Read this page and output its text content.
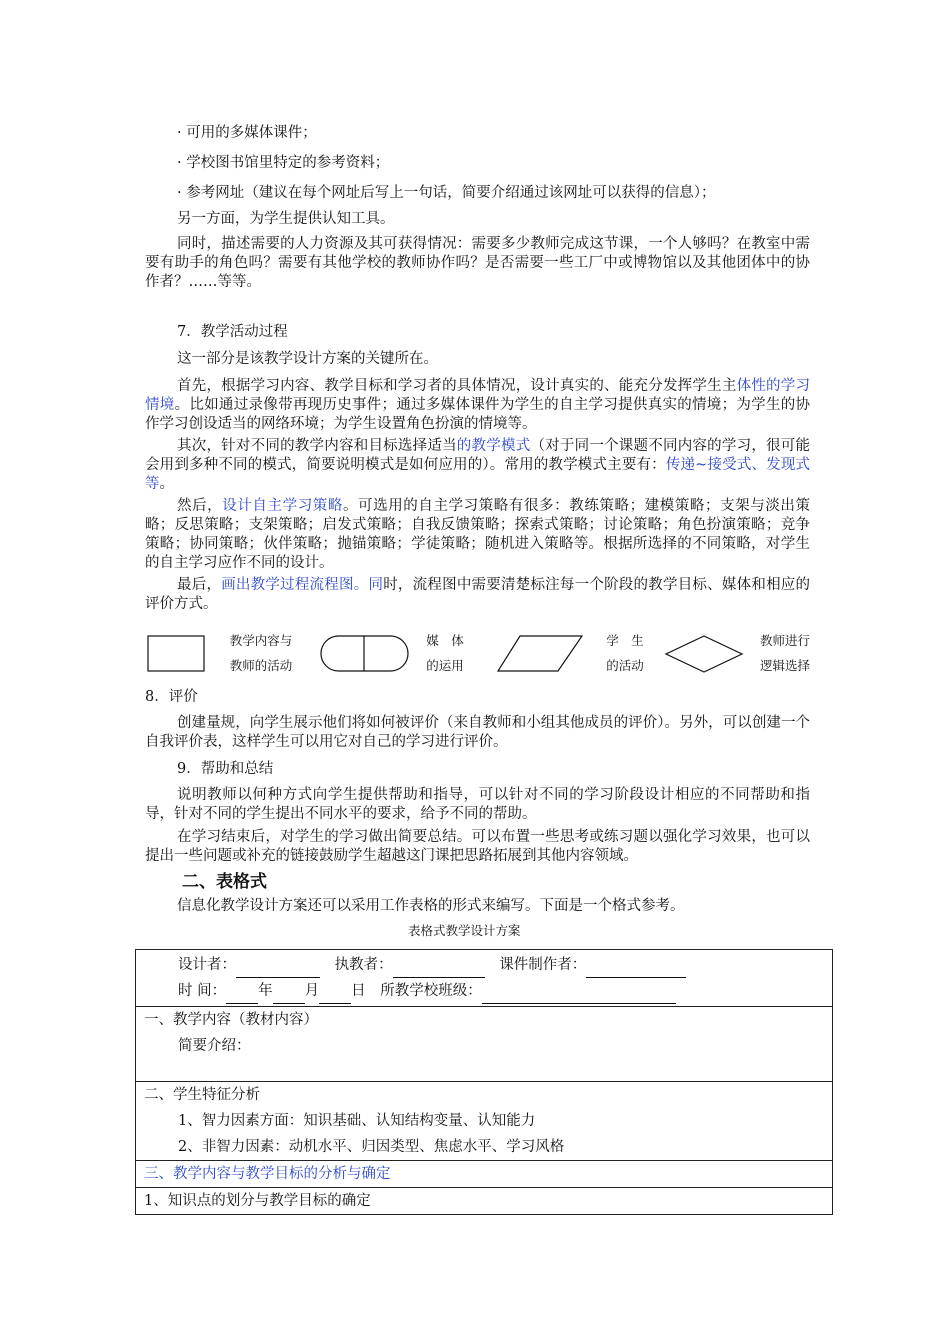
· 可用的多媒体课件；

· 学校图书馆里特定的参考资料；

· 参考网址（建议在每个网址后写上一句话，简要介绍通过该网址可以获得的信息）；

另一方面，为学生提供认知工具。

同时，描述需要的人力资源及其可获得情况：需要多少教师完成这节课，一个人够吗？在教室中需要有助手的角色吗？需要有其他学校的教师协作吗？是否需要一些工厂中或博物馆以及其他团体中的协作者？……等等。

7．教学活动过程

这一部分是该教学设计方案的关键所在。

首先，根据学习内容、教学目标和学习者的具体情况，设计真实的、能充分发挥学生主体性的学习情境。比如通过录像带再现历史事件；通过多媒体课件为学生的自主学习提供真实的情境；为学生的协作学习创设适当的网络环境；为学生设置角色扮演的情境等。

其次，针对不同的教学内容和目标选择适当的教学模式（对于同一个课题不同内容的学习，很可能会用到多种不同的模式，简要说明模式是如何应用的）。常用的教学模式主要有：传递~接受式、发现式等。

然后，设计自主学习策略。可选用的自主学习策略有很多：教练策略；建模策略；支架与淡出策略；反思策略；支架策略；启发式策略；自我反馈策略；探索式策略；讨论策略；角色扮演策略；竞争策略；协同策略；伙伴策略；抛锚策略；学徒策略；随机进入策略等。根据所选择的不同策略，对学生的自主学习应作不同的设计。

最后，画出教学过程流程图。同时，流程图中需要清楚标注每一个阶段的教学目标、媒体和相应的评价方式。

教学内容与
教师的活动
媒　体
的运用
学　生
的活动
教师进行
逻辑选择

8．评价

创建量规，向学生展示他们将如何被评价（来自教师和小组其他成员的评价）。另外，可以创建一个自我评价表，这样学生可以用它对自己的学习进行评价。

9．帮助和总结

说明教师以何种方式向学生提供帮助和指导，可以针对不同的学习阶段设计相应的不同帮助和指导，针对不同的学生提出不同水平的要求，给予不同的帮助。

在学习结束后，对学生的学习做出简要总结。可以布置一些思考或练习题以强化学习效果，也可以提出一些问题或补充的链接鼓励学生超越这门课把思路拓展到其他内容领域。

二、表格式

信息化教学设计方案还可以采用工作表格的形式来编写。下面是一个格式参考。

表格式教学设计方案

设计者：	执教者：	课件制作者：
时 间： 年 月 日 所教学校班级：

一、教学内容（教材内容）
简要介绍：

二、学生特征分析
1、智力因素方面：知识基础、认知结构变量、认知能力
2、非智力因素：动机水平、归因类型、焦虑水平、学习风格

三、教学内容与教学目标的分析与确定
1、知识点的划分与教学目标的确定
